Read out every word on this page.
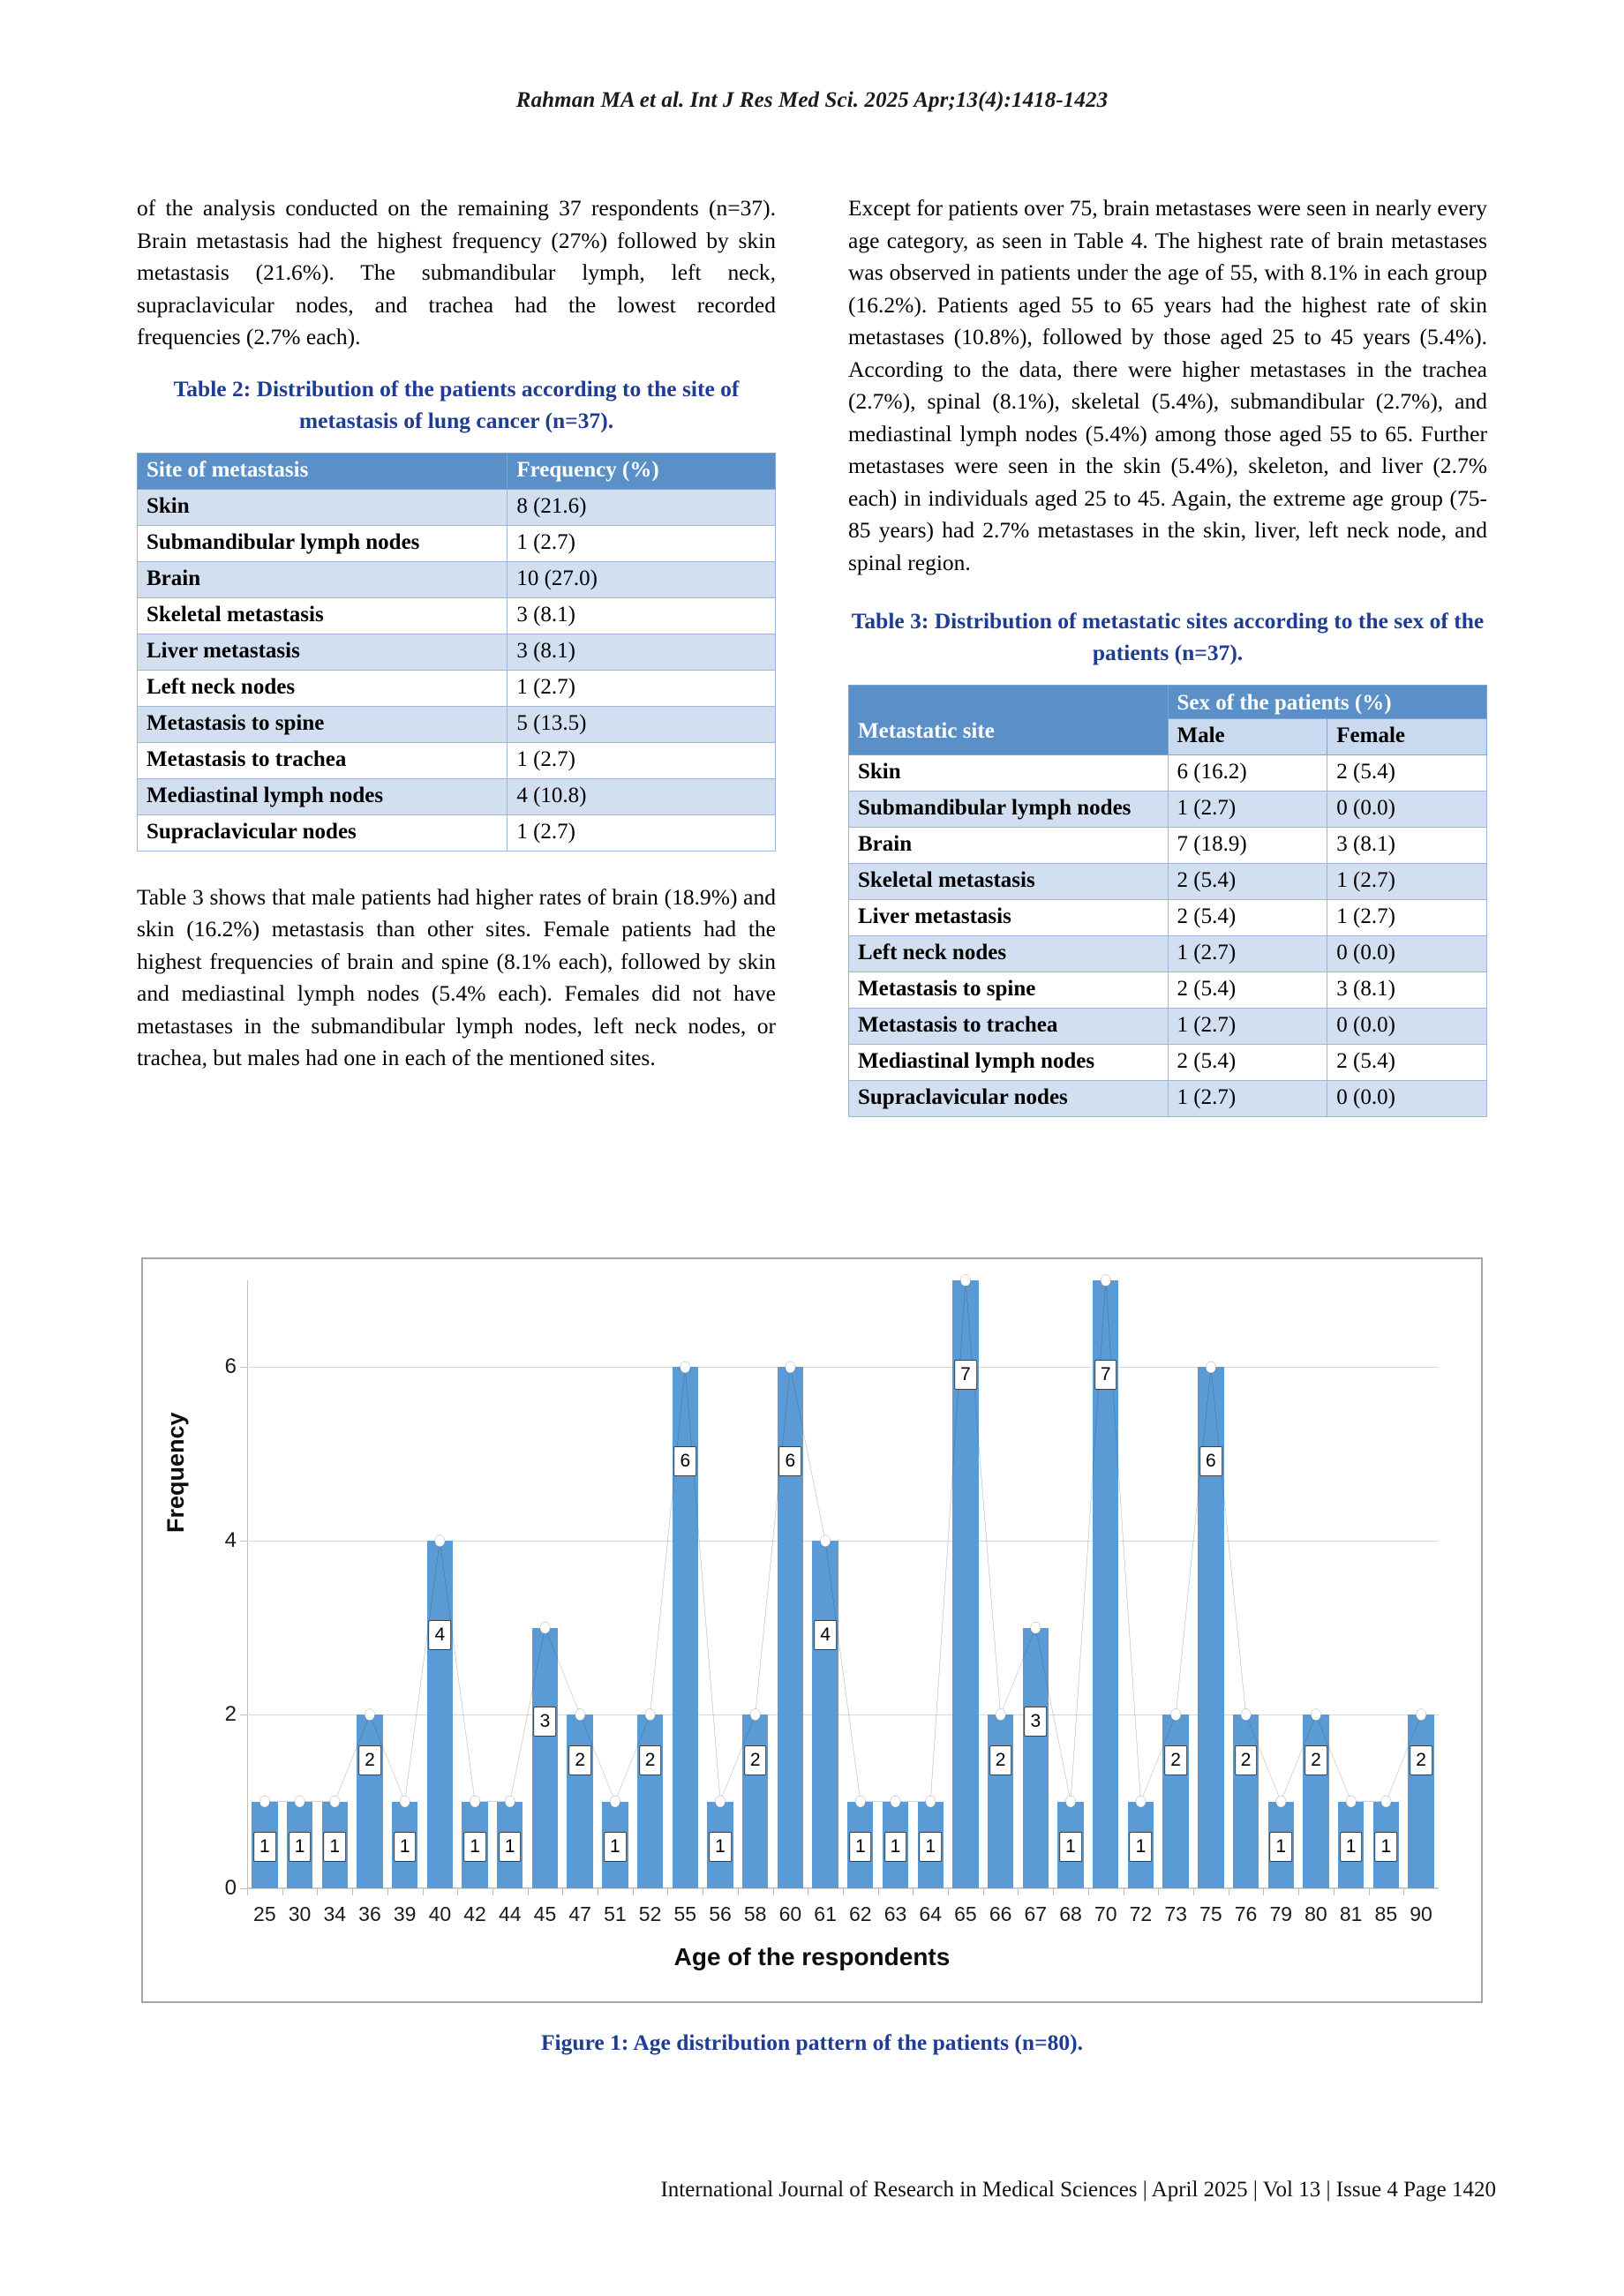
Rahman MA et al. Int J Res Med Sci. 2025 Apr;13(4):1418-1423

of the analysis conducted on the remaining 37 respondents (n=37). Brain metastasis had the highest frequency (27%) followed by skin metastasis (21.6%). The submandibular lymph, left neck, supraclavicular nodes, and trachea had the lowest recorded frequencies (2.7% each).

Table 2: Distribution of the patients according to the site of metastasis of lung cancer (n=37).
Site of metastasis	Frequency (%)
Skin	8 (21.6)
Submandibular lymph nodes	1 (2.7)
Brain	10 (27.0)
Skeletal metastasis	3 (8.1)
Liver metastasis	3 (8.1)
Left neck nodes	1 (2.7)
Metastasis to spine	5 (13.5)
Metastasis to trachea	1 (2.7)
Mediastinal lymph nodes	4 (10.8)
Supraclavicular nodes	1 (2.7)

Table 3 shows that male patients had higher rates of brain (18.9%) and skin (16.2%) metastasis than other sites. Female patients had the highest frequencies of brain and spine (8.1% each), followed by skin and mediastinal lymph nodes (5.4% each). Females did not have metastases in the submandibular lymph nodes, left neck nodes, or trachea, but males had one in each of the mentioned sites.

Except for patients over 75, brain metastases were seen in nearly every age category, as seen in Table 4. The highest rate of brain metastases was observed in patients under the age of 55, with 8.1% in each group (16.2%). Patients aged 55 to 65 years had the highest rate of skin metastases (10.8%), followed by those aged 25 to 45 years (5.4%). According to the data, there were higher metastases in the trachea (2.7%), spinal (8.1%), skeletal (5.4%), submandibular (2.7%), and mediastinal lymph nodes (5.4%) among those aged 55 to 65. Further metastases were seen in the skin (5.4%), skeleton, and liver (2.7% each) in individuals aged 25 to 45. Again, the extreme age group (75-85 years) had 2.7% metastases in the skin, liver, left neck node, and spinal region.

Table 3: Distribution of metastatic sites according to the sex of the patients (n=37).
Metastatic site	Sex of the patients (%)	
	Male	Female
Skin	6 (16.2)	2 (5.4)
Submandibular lymph nodes	1 (2.7)	0 (0.0)
Brain	7 (18.9)	3 (8.1)
Skeletal metastasis	2 (5.4)	1 (2.7)
Liver metastasis	2 (5.4)	1 (2.7)
Left neck nodes	1 (2.7)	0 (0.0)
Metastasis to spine	2 (5.4)	3 (8.1)
Metastasis to trachea	1 (2.7)	0 (0.0)
Mediastinal lymph nodes	2 (5.4)	2 (5.4)
Supraclavicular nodes	1 (2.7)	0 (0.0)
Frequency
Age of the respondents
0
2
4
6
1
25
1
30
1
34
2
36
1
39
4
40
1
42
1
44
3
45
2
47
1
51
2
52
6
55
1
56
2
58
6
60
4
61
1
62
1
63
1
64
7
65
2
66
3
67
1
68
7
70
1
72
2
73
6
75
2
76
1
79
2
80
1
81
1
85
2
90
Figure 1: Age distribution pattern of the patients (n=80).
International Journal of Research in Medical Sciences | April 2025 | Vol 13 | Issue 4 Page 1420
